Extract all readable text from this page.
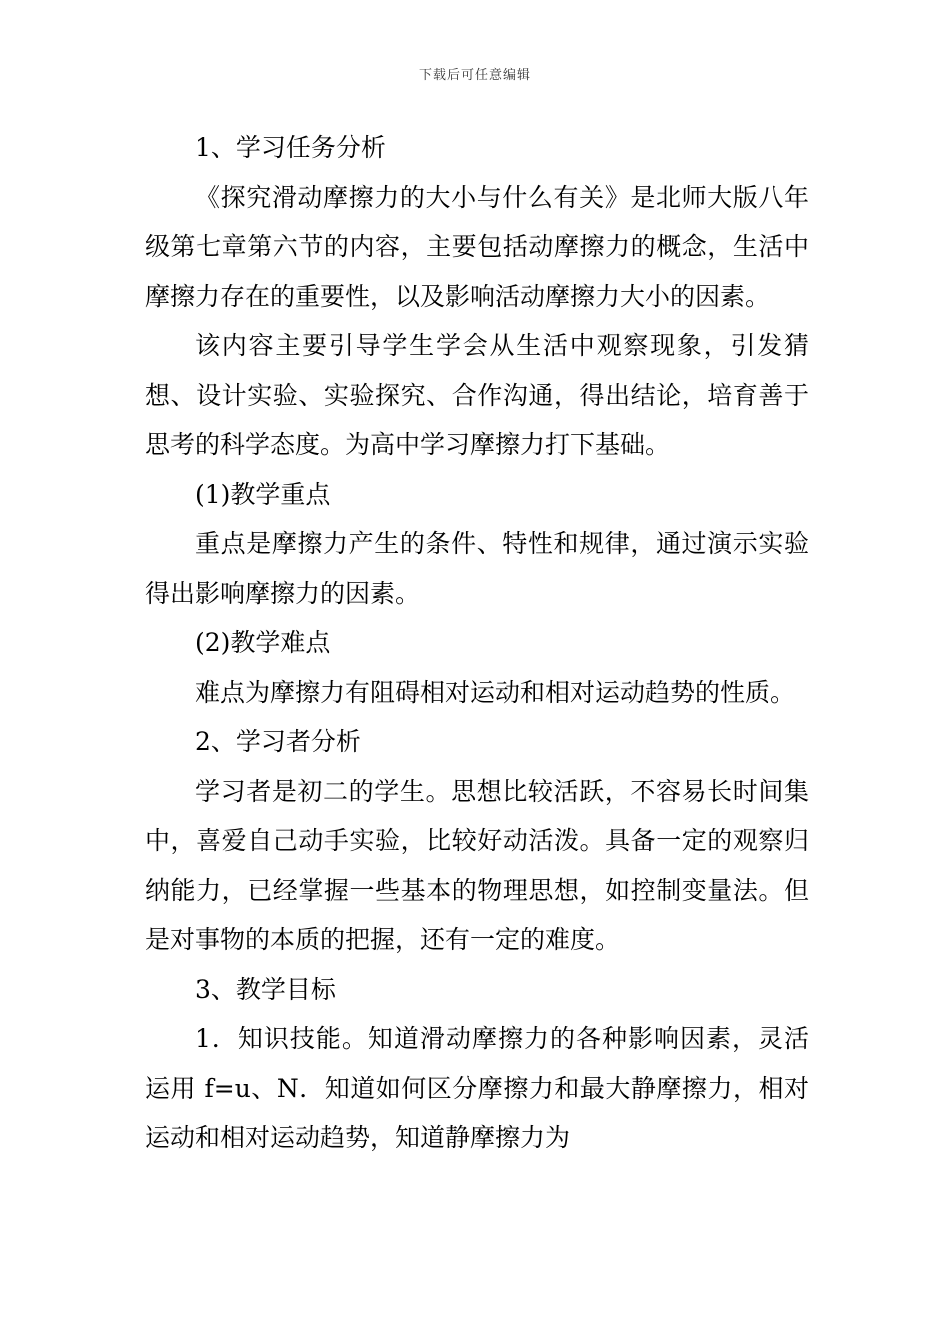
下载后可任意编辑

1、学习任务分析

《探究滑动摩擦力的大小与什么有关》是北师大版八年级第七章第六节的内容，主要包括动摩擦力的概念，生活中摩擦力存在的重要性，以及影响活动摩擦力大小的因素。

该内容主要引导学生学会从生活中观察现象，引发猜想、设计实验、实验探究、合作沟通，得出结论，培育善于思考的科学态度。为高中学习摩擦力打下基础。

(1)教学重点

重点是摩擦力产生的条件、特性和规律，通过演示实验得出影响摩擦力的因素。

(2)教学难点

难点为摩擦力有阻碍相对运动和相对运动趋势的性质。

2、学习者分析

学习者是初二的学生。思想比较活跃，不容易长时间集中，喜爱自己动手实验，比较好动活泼。具备一定的观察归纳能力，已经掌握一些基本的物理思想，如控制变量法。但是对事物的本质的把握，还有一定的难度。

3、教学目标

1．知识技能。知道滑动摩擦力的各种影响因素，灵活运用 f=u、N．知道如何区分摩擦力和最大静摩擦力，相对运动和相对运动趋势，知道静摩擦力为
